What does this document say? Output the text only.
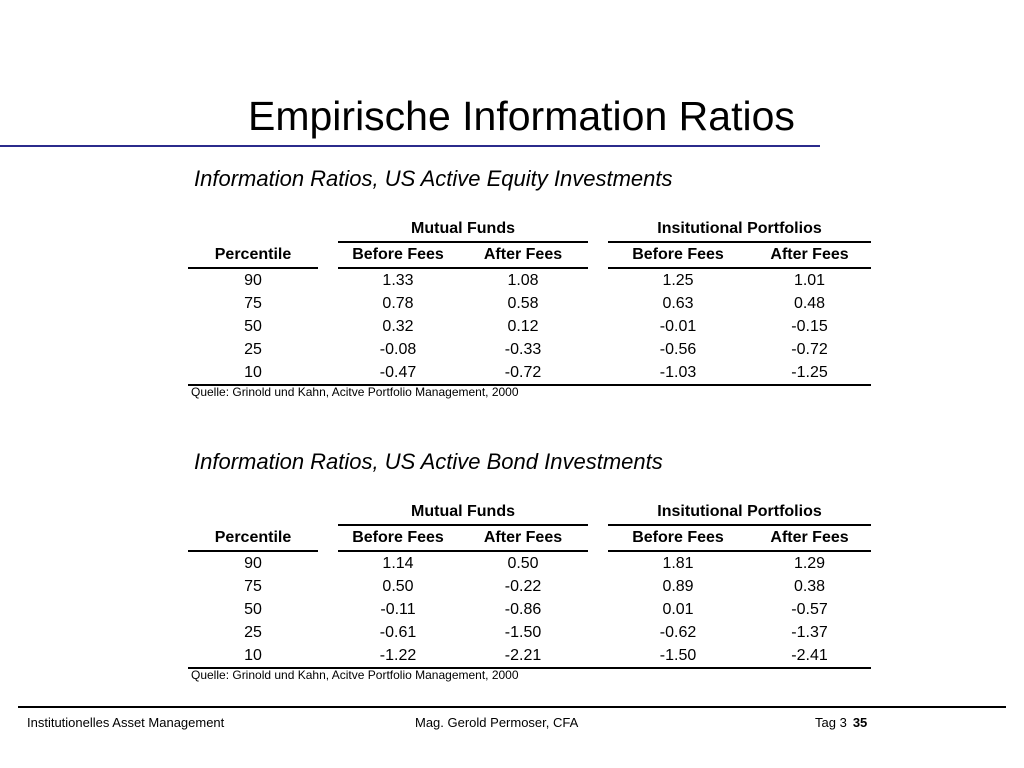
Empirische Information Ratios
Information Ratios, US Active Equity Investments
		Mutual Funds			Insitutional Portfolios	
Percentile		Before Fees	After Fees		Before Fees	After Fees
90		1.33	1.08		1.25	1.01
75		0.78	0.58		0.63	0.48
50		0.32	0.12		-0.01	-0.15
25		-0.08	-0.33		-0.56	-0.72
10		-0.47	-0.72		-1.03	-1.25
Quelle: Grinold und Kahn, Acitve Portfolio Management, 2000
Information Ratios, US Active Bond Investments
		Mutual Funds			Insitutional Portfolios	
Percentile		Before Fees	After Fees		Before Fees	After Fees
90		1.14	0.50		1.81	1.29
75		0.50	-0.22		0.89	0.38
50		-0.11	-0.86		0.01	-0.57
25		-0.61	-1.50		-0.62	-1.37
10		-1.22	-2.21		-1.50	-2.41
Quelle: Grinold und Kahn, Acitve Portfolio Management, 2000
Institutionelles Asset Management	Mag. Gerold Permoser, CFA	Tag 3 35
